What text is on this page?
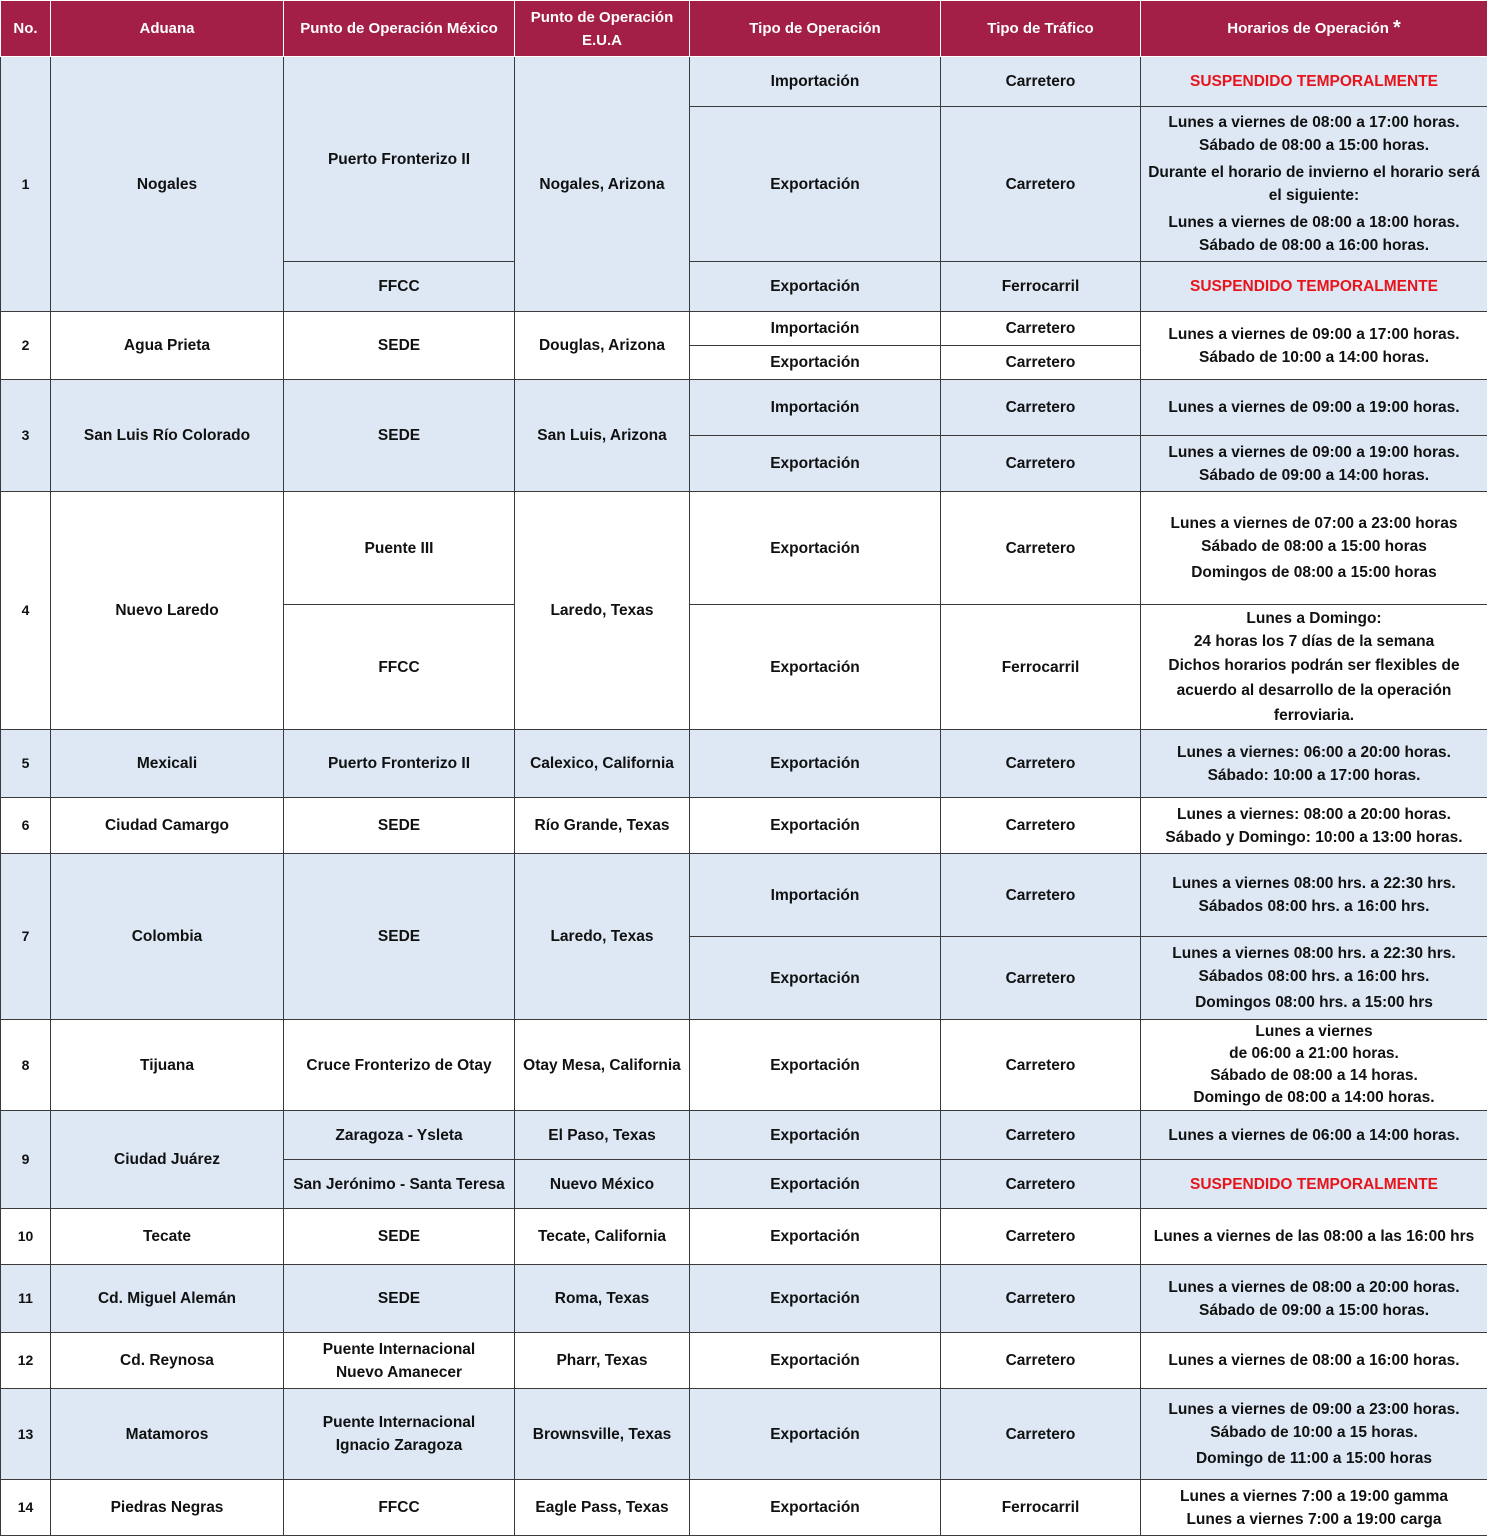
No.	Aduana	Punto de Operación México	Punto de Operación E.U.A	Tipo de Operación	Tipo de Tráfico	Horarios de Operación *
1	Nogales	Puerto Fronterizo II	Nogales, Arizona	Importación	Carretero	SUSPENDIDO TEMPORALMENTE
				Exportación	Carretero	Lunes a viernes de 08:00 a 17:00 horas.
Sábado de 08:00 a 15:00 horas.
Durante el horario de invierno el horario será el siguiente:
Lunes a viernes de 08:00 a 18:00 horas.
Sábado de 08:00 a 16:00 horas.

		FFCC		Exportación	Ferrocarril	SUSPENDIDO TEMPORALMENTE
2	Agua Prieta	SEDE	Douglas, Arizona	Importación	Carretero	Lunes a viernes de 09:00 a 17:00 horas.
Sábado de 10:00 a 14:00 horas.

				Exportación	Carretero	
3	San Luis Río Colorado	SEDE	San Luis, Arizona	Importación	Carretero	Lunes a viernes de 09:00 a 19:00 horas.

				Exportación	Carretero	Lunes a viernes de 09:00 a 19:00 horas.
Sábado de 09:00 a 14:00 horas.

4	Nuevo Laredo	Puente III	Laredo, Texas	Exportación	Carretero	Lunes a viernes de 07:00 a 23:00 horas
Sábado de 08:00 a 15:00 horas
Domingos de 08:00 a 15:00 horas

		FFCC		Exportación	Ferrocarril	Lunes a Domingo:
24 horas los 7 días de la semana
Dichos horarios podrán ser flexibles de acuerdo al desarrollo de la operación ferroviaria.

5	Mexicali	Puerto Fronterizo II	Calexico, California	Exportación	Carretero	Lunes a viernes: 06:00 a 20:00 horas.
Sábado: 10:00 a 17:00 horas.

6	Ciudad Camargo	SEDE	Río Grande, Texas	Exportación	Carretero	Lunes a viernes: 08:00 a 20:00 horas.
Sábado y Domingo: 10:00 a 13:00 horas.

7	Colombia	SEDE	Laredo, Texas	Importación	Carretero	Lunes a viernes 08:00 hrs. a 22:30 hrs.
Sábados 08:00 hrs. a 16:00 hrs.

				Exportación	Carretero	Lunes a viernes 08:00 hrs. a 22:30 hrs.
Sábados 08:00 hrs. a 16:00 hrs.
Domingos 08:00 hrs. a 15:00 hrs

8	Tijuana	Cruce Fronterizo de Otay	Otay Mesa, California	Exportación	Carretero	Lunes a viernes
de 06:00 a 21:00 horas.
Sábado de 08:00 a 14 horas.
Domingo de 08:00 a 14:00 horas.

9	Ciudad Juárez	Zaragoza - Ysleta	El Paso, Texas	Exportación	Carretero	Lunes a viernes de 06:00 a 14:00 horas.

		San Jerónimo - Santa Teresa	Nuevo México	Exportación	Carretero	SUSPENDIDO TEMPORALMENTE
10	Tecate	SEDE	Tecate, California	Exportación	Carretero	Lunes a viernes de las 08:00 a las 16:00 hrs

11	Cd. Miguel Alemán	SEDE	Roma, Texas	Exportación	Carretero	Lunes a viernes de 08:00 a 20:00 horas.
Sábado de 09:00 a 15:00 horas.

12	Cd. Reynosa	Puente Internacional Nuevo Amanecer	Pharr, Texas	Exportación	Carretero	Lunes a viernes de 08:00 a 16:00 horas.

13	Matamoros	Puente Internacional Ignacio Zaragoza	Brownsville, Texas	Exportación	Carretero	Lunes a viernes de 09:00 a 23:00 horas.
Sábado de 10:00 a 15 horas.
Domingo de 11:00 a 15:00 horas

14	Piedras Negras	FFCC	Eagle Pass, Texas	Exportación	Ferrocarril	Lunes a viernes 7:00 a 19:00 gamma
Lunes a viernes 7:00 a 19:00 carga
